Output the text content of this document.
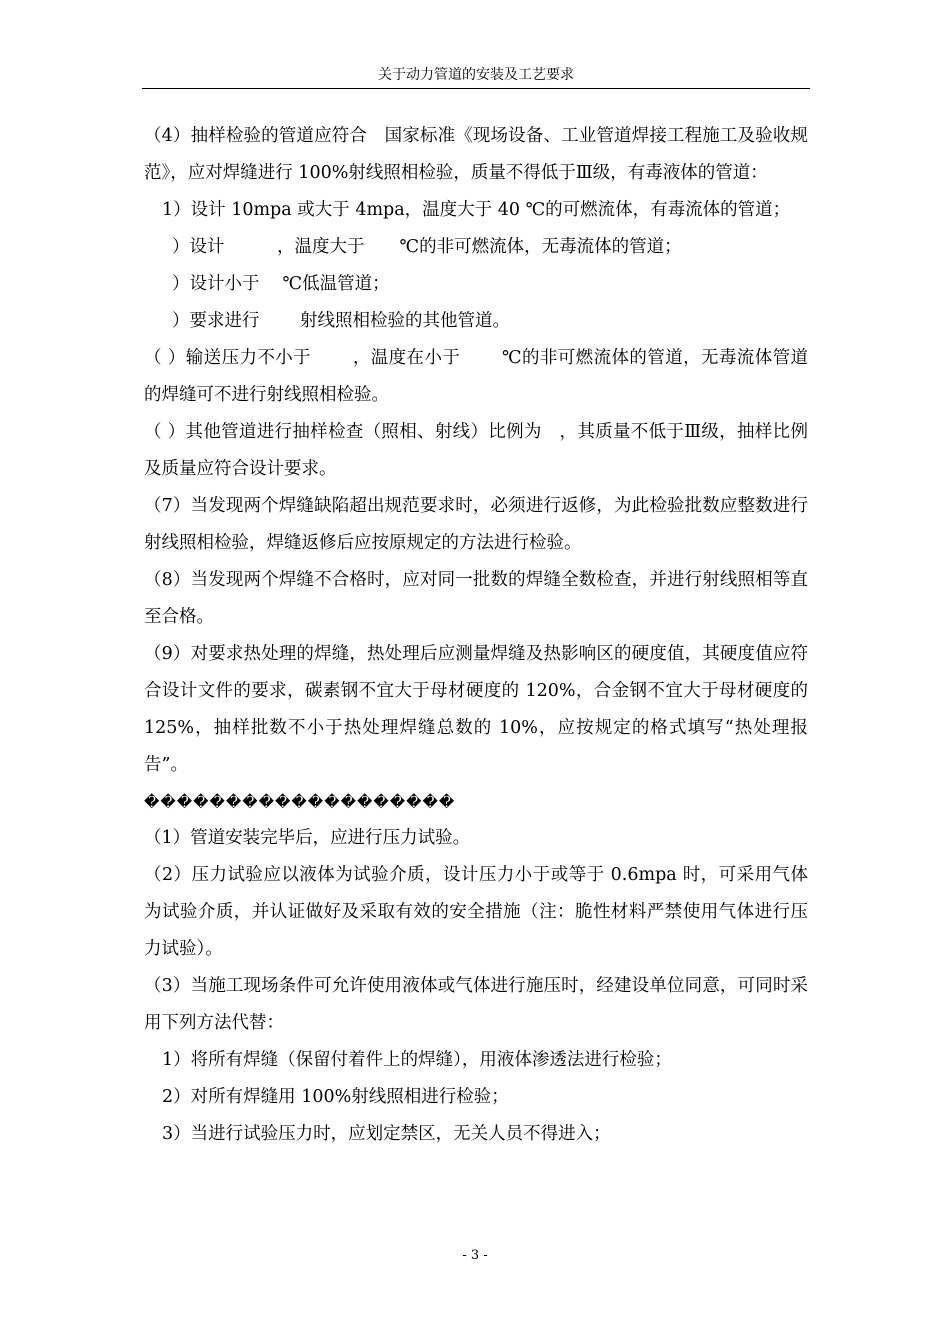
关于动力管道的安装及工艺要求

（4）抽样检验的管道应符合　国家标准《现场设备、工业管道焊接工程施工及验收规范》，应对焊缝进行 100%射线照相检验，质量不得低于Ⅲ级，有毒液体的管道：

1）设计 10mpa 或大于 4mpa，温度大于 40 ℃的可燃流体，有毒流体的管道；

）设计　　　，温度大于　　℃的非可燃流体，无毒流体的管道；

）设计小于　 ℃低温管道；

）要求进行　　 射线照相检验的其他管道。

（ ）输送压力不小于　　 ，温度在小于　　 ℃的非可燃流体的管道，无毒流体管道的焊缝可不进行射线照相检验。

（ ）其他管道进行抽样检查（照相、射线）比例为　，其质量不低于Ⅲ级，抽样比例及质量应符合设计要求。

（7）当发现两个焊缝缺陷超出规范要求时，必须进行返修，为此检验批数应整数进行射线照相检验，焊缝返修后应按原规定的方法进行检验。

（8）当发现两个焊缝不合格时，应对同一批数的焊缝全数检查，并进行射线照相等直至合格。

（9）对要求热处理的焊缝，热处理后应测量焊缝及热影响区的硬度值，其硬度值应符合设计文件的要求，碳素钢不宜大于母材硬度的 120%，合金钢不宜大于母材硬度的 125%，抽样批数不小于热处理焊缝总数的 10%，应按规定的格式填写“热处理报告”。

�������������������

（1）管道安装完毕后，应进行压力试验。

（2）压力试验应以液体为试验介质，设计压力小于或等于 0.6mpa 时，可采用气体为试验介质，并认证做好及采取有效的安全措施（注：脆性材料严禁使用气体进行压力试验）。

（3）当施工现场条件可允许使用液体或气体进行施压时，经建设单位同意，可同时采用下列方法代替：

1）将所有焊缝（保留付着件上的焊缝），用液体渗透法进行检验；

2）对所有焊缝用 100%射线照相进行检验；

3）当进行试验压力时，应划定禁区，无关人员不得进入；

- 3 -
